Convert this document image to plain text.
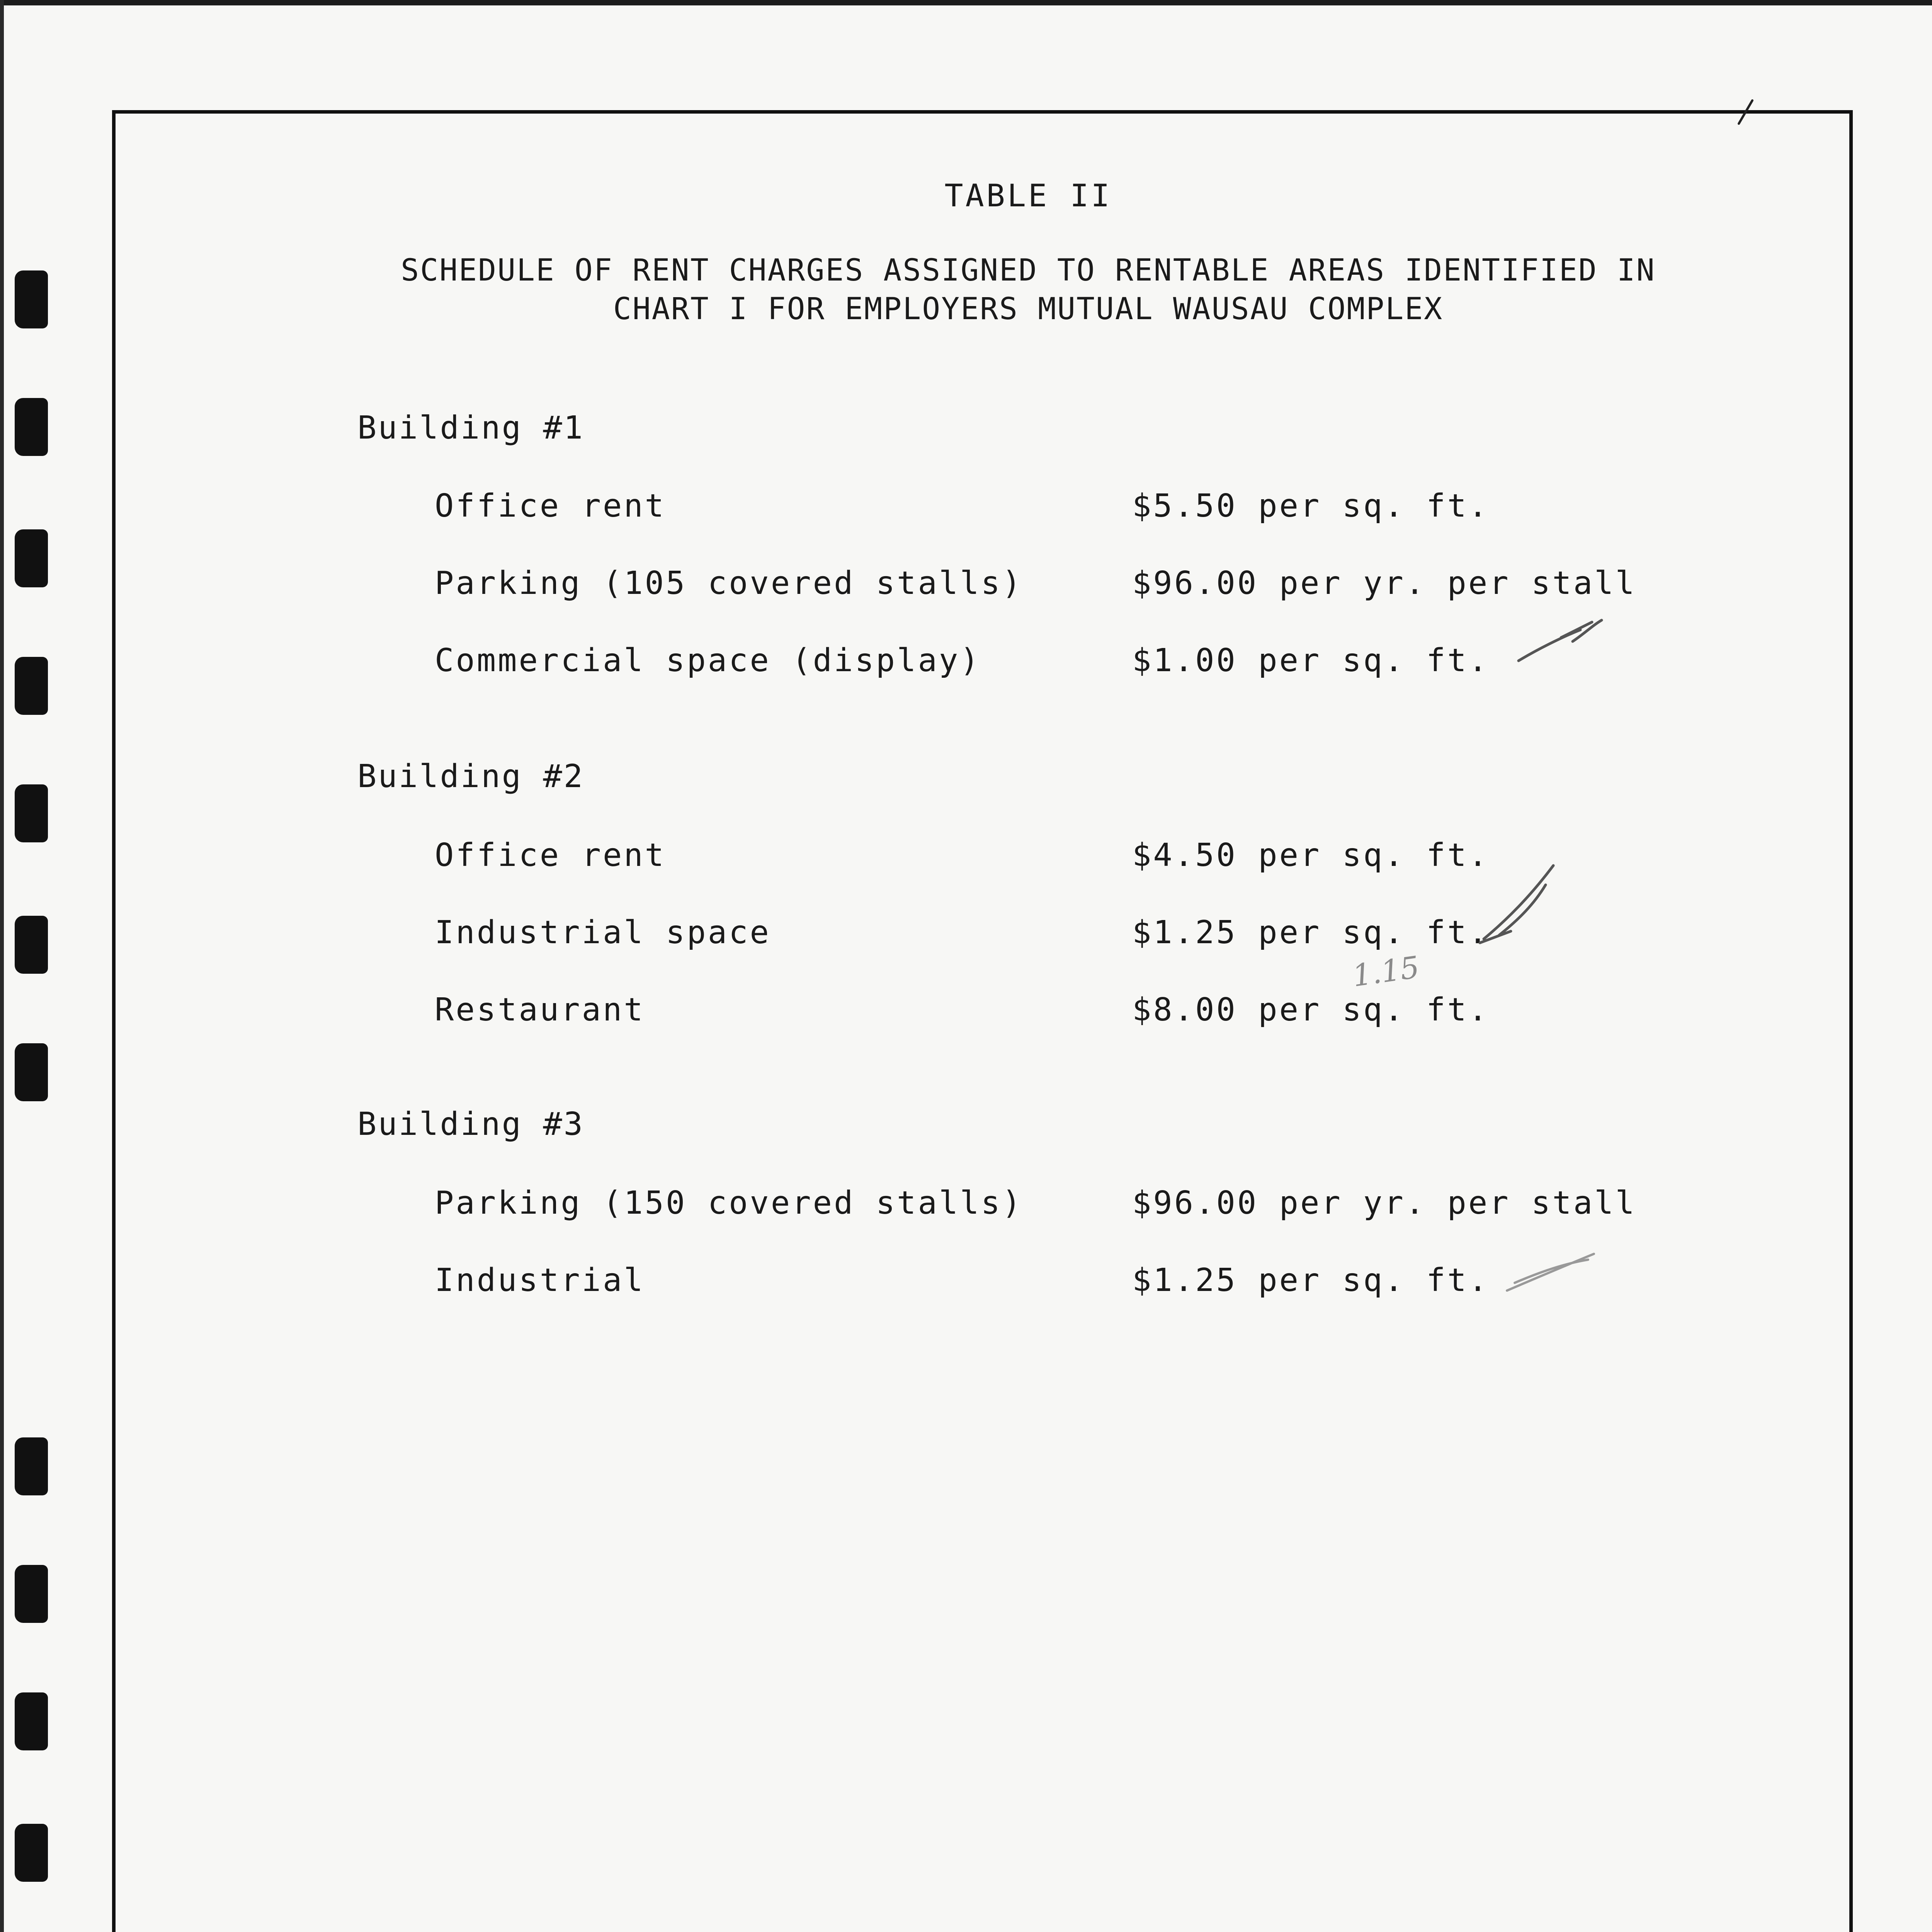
TABLE II
SCHEDULE OF RENT CHARGES ASSIGNED TO RENTABLE AREAS IDENTIFIED IN
CHART I FOR EMPLOYERS MUTUAL WAUSAU COMPLEX
Building #1
Office rent	$5.50 per sq. ft.
Parking (105 covered stalls)	$96.00 per yr. per stall
Commercial space (display)	$1.00 per sq. ft.
Building #2
Office rent	$4.50 per sq. ft.
Industrial space	$1.25 per sq. ft.
Restaurant	$8.00 per sq. ft.
Building #3
Parking (150 covered stalls)	$96.00 per yr. per stall
Industrial	$1.25 per sq. ft.
1.15
